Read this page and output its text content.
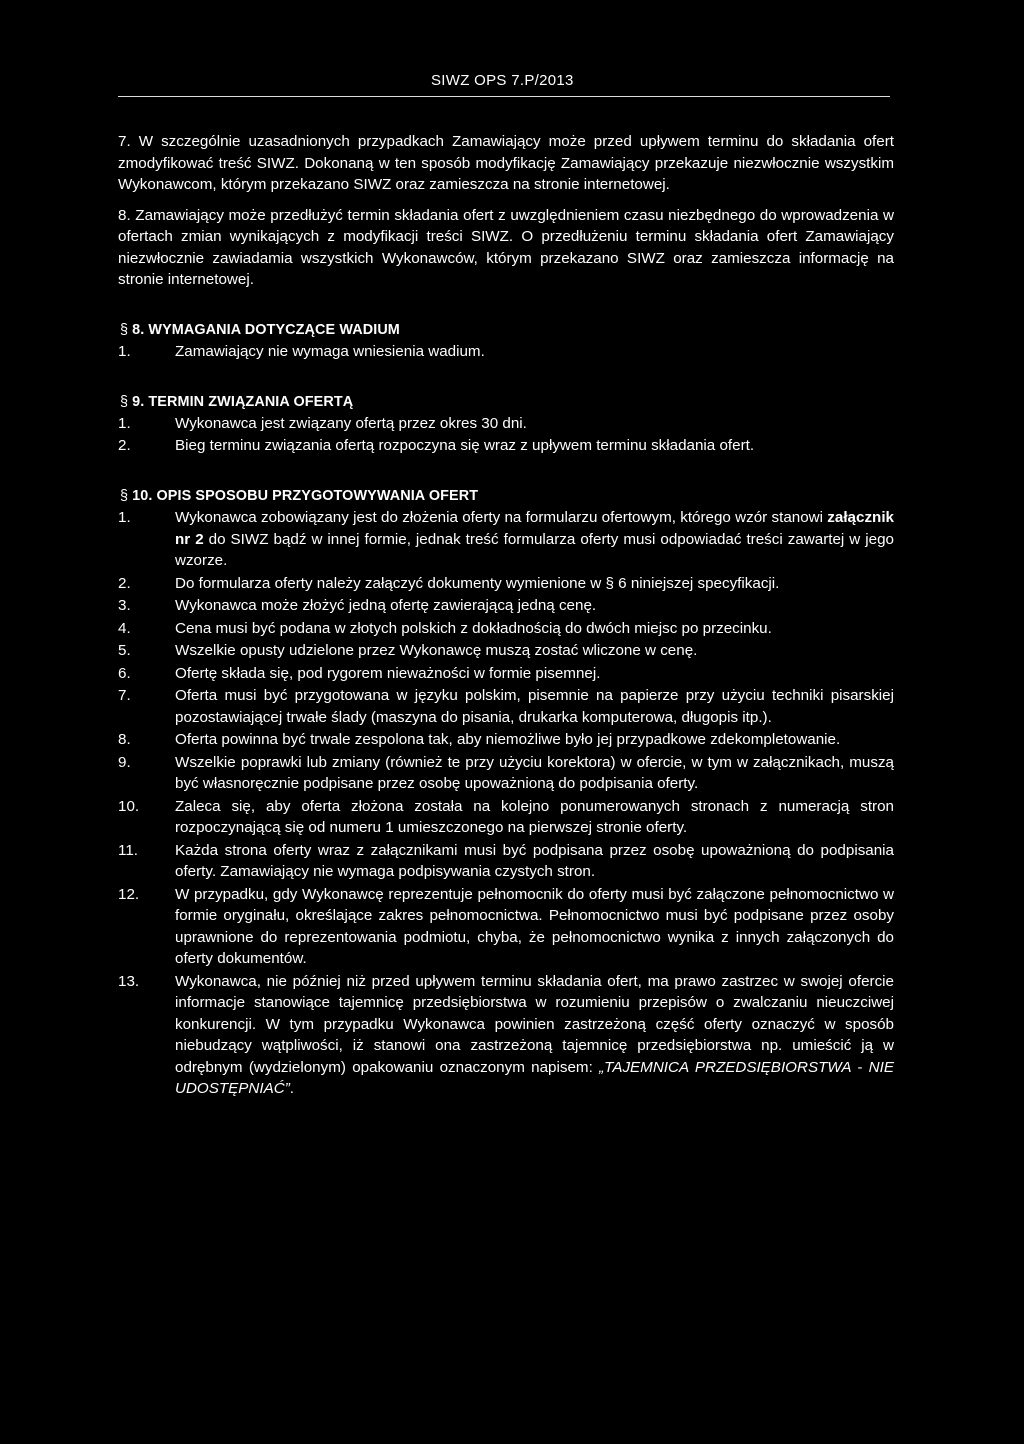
SIWZ OPS 7.P/2013
7. W szczególnie uzasadnionych przypadkach Zamawiający może przed upływem terminu do składania ofert zmodyfikować treść SIWZ. Dokonaną w ten sposób modyfikację Zamawiający przekazuje niezwłocznie wszystkim Wykonawcom, którym przekazano SIWZ oraz zamieszcza na stronie internetowej.
8. Zamawiający może przedłużyć termin składania ofert z uwzględnieniem czasu niezbędnego do wprowadzenia w ofertach zmian wynikających z modyfikacji treści SIWZ. O przedłużeniu terminu składania ofert Zamawiający niezwłocznie zawiadamia wszystkich Wykonawców, którym przekazano SIWZ oraz zamieszcza informację na stronie internetowej.
§ 8. WYMAGANIA DOTYCZĄCE WADIUM
1.	Zamawiający nie wymaga wniesienia wadium.
§ 9. TERMIN ZWIĄZANIA OFERTĄ
1.	Wykonawca jest związany ofertą przez okres 30 dni.
2.	Bieg terminu związania ofertą rozpoczyna się wraz z upływem terminu składania ofert.
§ 10. OPIS SPOSOBU PRZYGOTOWYWANIA OFERT
1.	Wykonawca zobowiązany jest do złożenia oferty na formularzu ofertowym, którego wzór stanowi załącznik nr 2 do SIWZ bądź w innej formie, jednak treść formularza oferty musi odpowiadać treści zawartej w jego wzorze.
2.	Do formularza oferty należy załączyć dokumenty wymienione w § 6 niniejszej specyfikacji.
3.	Wykonawca może złożyć jedną ofertę zawierającą jedną cenę.
4.	Cena musi być podana w złotych polskich z dokładnością do dwóch miejsc po przecinku.
5.	Wszelkie opusty udzielone przez Wykonawcę muszą zostać wliczone w cenę.
6.	Ofertę składa się, pod rygorem nieważności w formie pisemnej.
7.	Oferta musi być przygotowana w języku polskim, pisemnie na papierze przy użyciu techniki pisarskiej pozostawiającej trwałe ślady (maszyna do pisania, drukarka komputerowa, długopis itp.).
8.	Oferta powinna być trwale zespolona tak, aby niemożliwe było jej przypadkowe zdekompletowanie.
9.	Wszelkie poprawki lub zmiany (również te przy użyciu korektora) w ofercie, w tym w załącznikach, muszą być własnoręcznie podpisane przez osobę upoważnioną do podpisania oferty.
10. Zaleca się, aby oferta złożona została na kolejno ponumerowanych stronach z numeracją stron rozpoczynającą się od numeru 1 umieszczonego na pierwszej stronie oferty.
11. Każda strona oferty wraz z załącznikami musi być podpisana przez osobę upoważnioną do podpisania oferty. Zamawiający nie wymaga podpisywania czystych stron.
12. W przypadku, gdy Wykonawcę reprezentuje pełnomocnik do oferty musi być załączone pełnomocnictwo w formie oryginału, określające zakres pełnomocnictwa. Pełnomocnictwo musi być podpisane przez osoby uprawnione do reprezentowania podmiotu, chyba, że pełnomocnictwo wynika z innych załączonych do oferty dokumentów.
13. Wykonawca, nie później niż przed upływem terminu składania ofert, ma prawo zastrzec w swojej ofercie informacje stanowiące tajemnicę przedsiębiorstwa w rozumieniu przepisów o zwalczaniu nieuczciwej konkurencji. W tym przypadku Wykonawca powinien zastrzeżoną część oferty oznaczyć w sposób niebudzący wątpliwości, iż stanowi ona zastrzeżoną tajemnicę przedsiębiorstwa np. umieścić ją w odrębnym (wydzielonym) opakowaniu oznaczonym napisem: „TAJEMNICA PRZEDSIĘBIORSTWA - NIE UDOSTĘPNIAĆ”.
